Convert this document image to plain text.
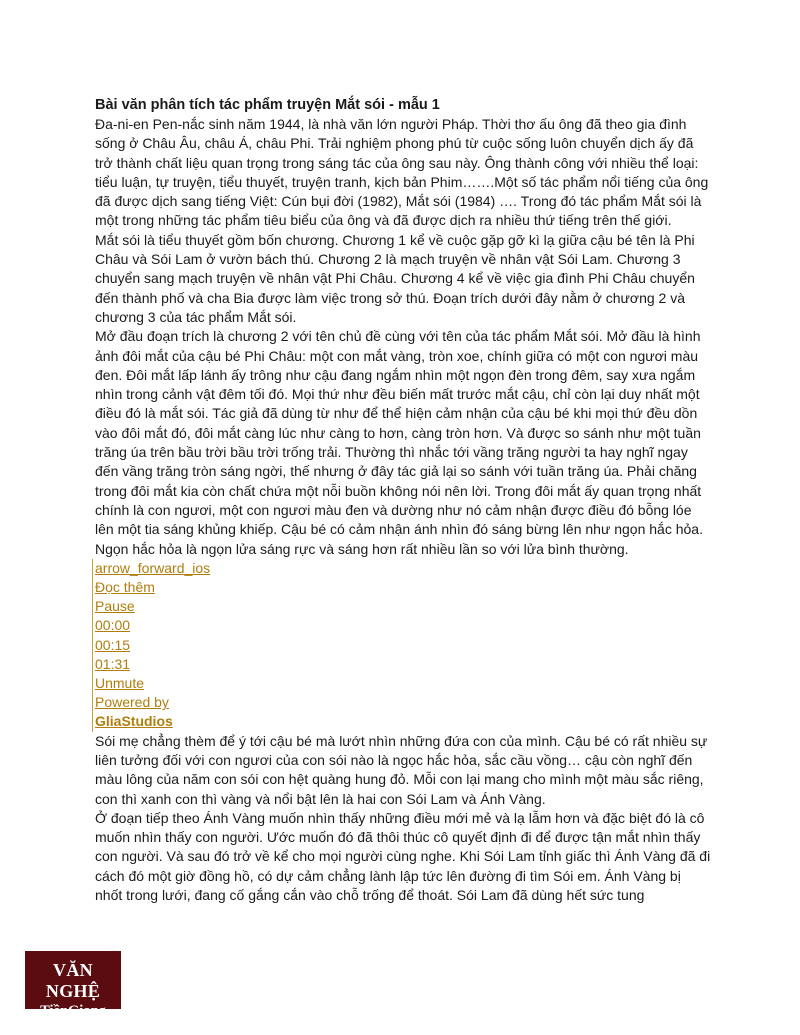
Bài văn phân tích tác phẩm truyện Mắt sói - mẫu 1

Đa-ni-en Pen-nắc sinh năm 1944, là nhà văn lớn người Pháp. Thời thơ ấu ông đã theo gia đình sống ở Châu Âu, châu Á, châu Phi. Trải nghiệm phong phú từ cuộc sống luôn chuyển dịch ấy đã trở thành chất liệu quan trọng trong sáng tác của ông sau này. Ông thành công với nhiều thể loại: tiểu luận, tự truyện, tiểu thuyết, truyện tranh, kịch bản Phim…….Một số tác phẩm nổi tiếng của ông đã được dịch sang tiếng Việt: Cún bụi đời (1982), Mắt sói (1984) …. Trong đó tác phẩm Mắt sói là một trong những tác phẩm tiêu biểu của ông và đã được dịch ra nhiều thứ tiếng trên thế giới.

Mắt sói là tiểu thuyết gồm bốn chương. Chương 1 kể về cuộc gặp gỡ kì lạ giữa cậu bé tên là Phi Châu và Sói Lam ở vườn bách thú. Chương 2 là mạch truyện về nhân vật Sói Lam. Chương 3 chuyển sang mạch truyện về nhân vật Phi Châu. Chương 4 kể về việc gia đình Phi Châu chuyển đến thành phố và cha Bia được làm việc trong sở thú. Đoạn trích dưới đây nằm ở chương 2 và chương 3 của tác phẩm Mắt sói.

Mở đầu đoạn trích là chương 2 với tên chủ đề cùng với tên của tác phẩm Mắt sói. Mở đầu là hình ảnh đôi mắt của cậu bé Phi Châu: một con mắt vàng, tròn xoe, chính giữa có một con ngươi màu đen. Đôi mắt lấp lánh ấy trông như cậu đang ngắm nhìn một ngọn đèn trong đêm, say xưa ngắm nhìn trong cảnh vật đêm tối đó. Mọi thứ như đều biến mất trước mắt cậu, chỉ còn lại duy nhất một điều đó là mắt sói. Tác giả đã dùng từ như để thể hiện cảm nhận của cậu bé khi mọi thứ đều dồn vào đôi mắt đó, đôi mắt càng lúc như càng to hơn, càng tròn hơn. Và được so sánh như một tuần trăng úa trên bầu trời bầu trời trống trải. Thường thì nhắc tới vầng trăng người ta hay nghĩ ngay đến vầng trăng tròn sáng ngời, thế nhưng ở đây tác giả lại so sánh với tuần trăng úa. Phải chăng trong đôi mắt kia còn chất chứa một nỗi buồn không nói nên lời. Trong đôi mắt ấy quan trọng nhất chính là con ngươi, một con ngươi màu đen và dường như nó cảm nhận được điều đó bỗng lóe lên một tia sáng khủng khiếp. Cậu bé có cảm nhận ánh nhìn đó sáng bừng lên như ngọn hắc hỏa. Ngọn hắc hỏa là ngọn lửa sáng rực và sáng hơn rất nhiều lần so với lửa bình thường.

arrow_forward_ios
Đọc thêm
Pause
00:00
00:15
01:31
Unmute
Powered by
GliaStudios

Sói mẹ chẳng thèm để ý tới cậu bé mà lướt nhìn những đứa con của mình. Cậu bé có rất nhiều sự liên tưởng đối với con ngươi của con sói nào là ngọc hắc hỏa, sắc cầu vồng… cậu còn nghĩ đến màu lông của năm con sói con hệt quàng hung đỏ. Mỗi con lại mang cho mình một màu sắc riêng, con thì xanh con thì vàng và nổi bật lên là hai con Sói Lam và Ánh Vàng.

Ở đoạn tiếp theo Ánh Vàng muốn nhìn thấy những điều mới mẻ và lạ lẫm hơn và đặc biệt đó là cô muốn nhìn thấy con người. Ước muốn đó đã thôi thúc cô quyết định đi để được tận mắt nhìn thấy con người. Và sau đó trở về kể cho mọi người cùng nghe. Khi Sói Lam tỉnh giấc thì Ánh Vàng đã đi cách đó một giờ đồng hồ, có dự cảm chẳng lành lập tức lên đường đi tìm Sói em. Ánh Vàng bị nhốt trong lưới, đang cố gắng cắn vào chỗ trống để thoát. Sói Lam đã dùng hết sức tung

VĂN NGHỆ
TiềnGiang
